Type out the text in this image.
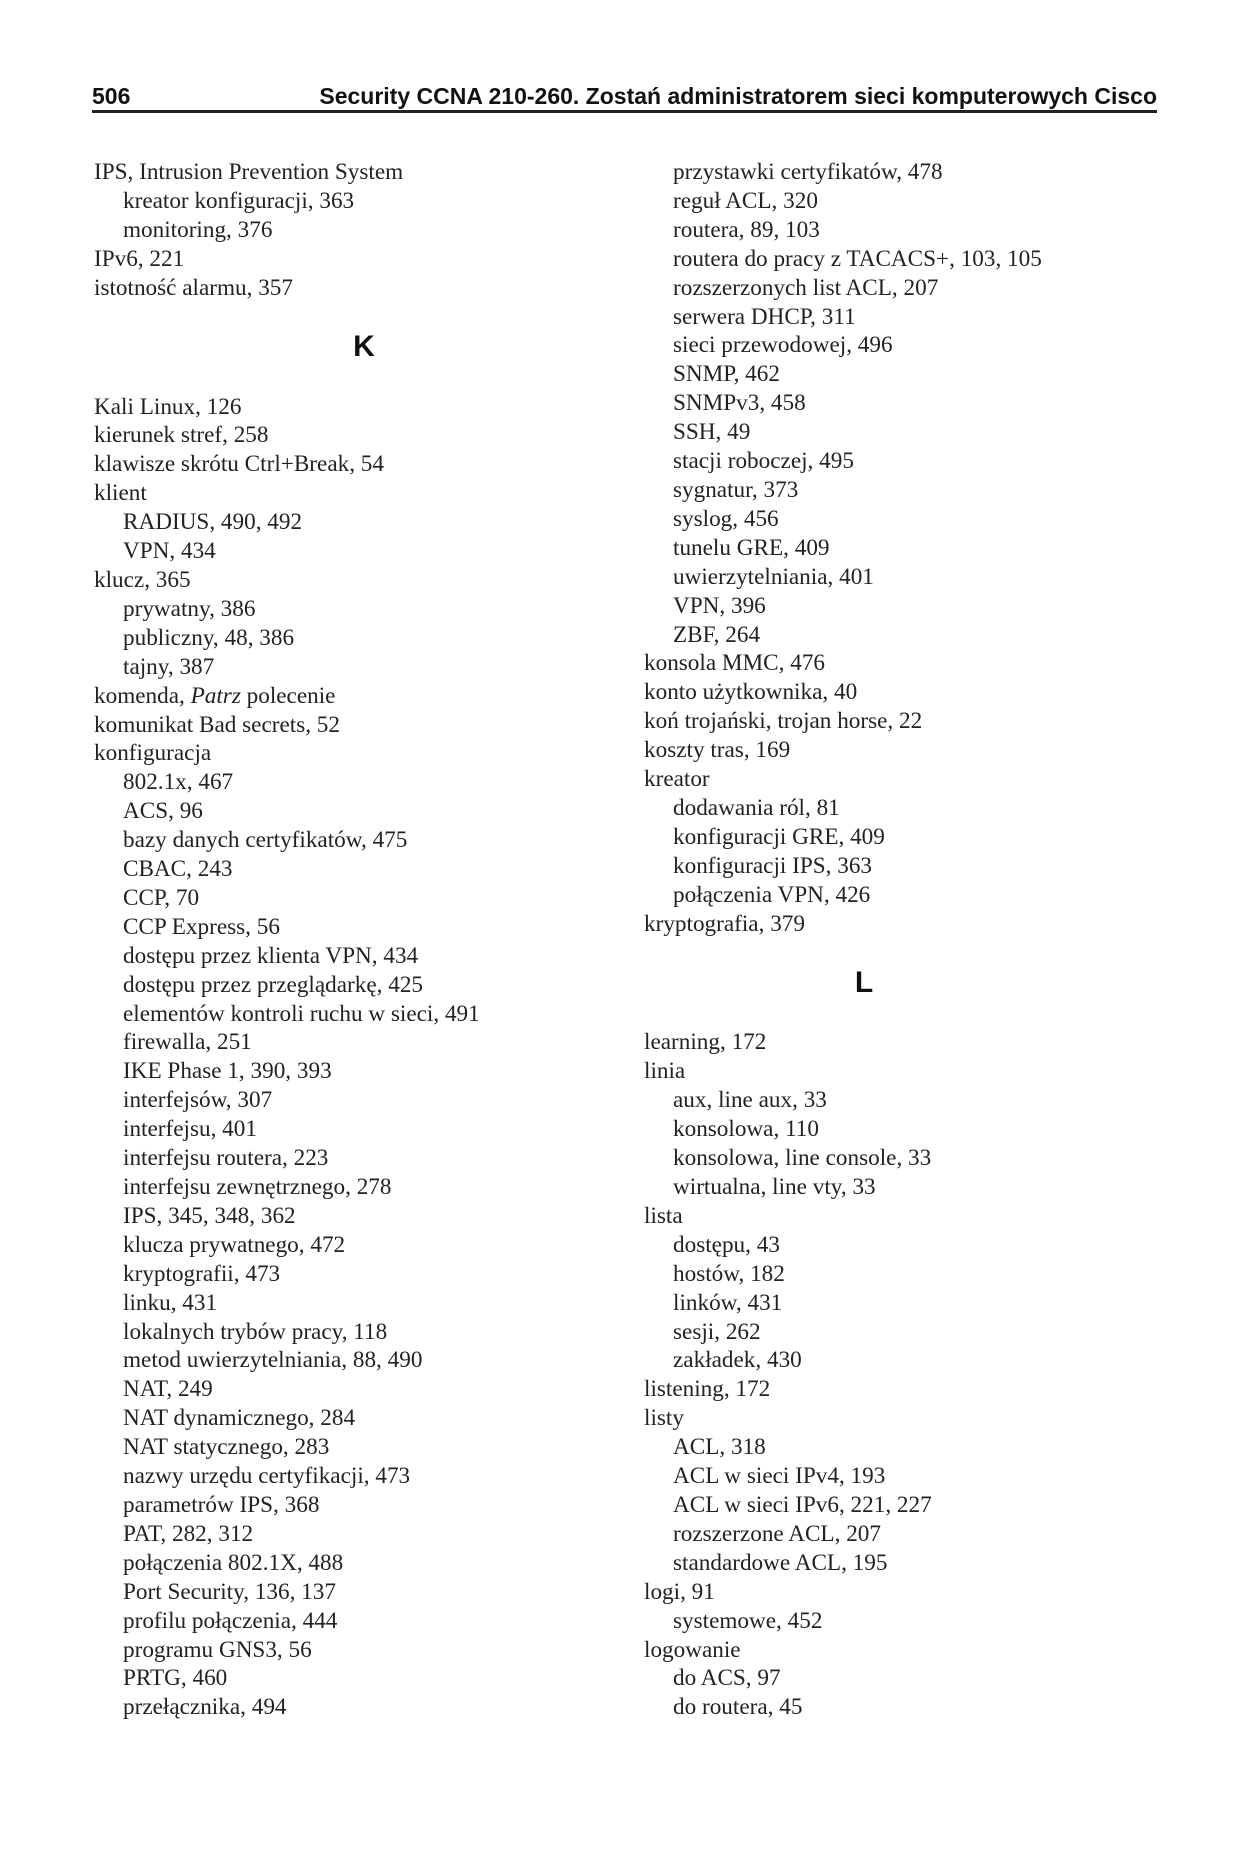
506	Security CCNA 210-260. Zostań administratorem sieci komputerowych Cisco
IPS, Intrusion Prevention System
kreator konfiguracji, 363
monitoring, 376
IPv6, 221
istotność alarmu, 357
K
Kali Linux, 126
kierunek stref, 258
klawisze skrótu Ctrl+Break, 54
klient
RADIUS, 490, 492
VPN, 434
klucz, 365
prywatny, 386
publiczny, 48, 386
tajny, 387
komenda, Patrz polecenie
komunikat Bad secrets, 52
konfiguracja
802.1x, 467
ACS, 96
bazy danych certyfikatów, 475
CBAC, 243
CCP, 70
CCP Express, 56
dostępu przez klienta VPN, 434
dostępu przez przeglądarkę, 425
elementów kontroli ruchu w sieci, 491
firewalla, 251
IKE Phase 1, 390, 393
interfejsów, 307
interfejsu, 401
interfejsu routera, 223
interfejsu zewnętrznego, 278
IPS, 345, 348, 362
klucza prywatnego, 472
kryptografii, 473
linku, 431
lokalnych trybów pracy, 118
metod uwierzytelniania, 88, 490
NAT, 249
NAT dynamicznego, 284
NAT statycznego, 283
nazwy urzędu certyfikacji, 473
parametrów IPS, 368
PAT, 282, 312
połączenia 802.1X, 488
Port Security, 136, 137
profilu połączenia, 444
programu GNS3, 56
PRTG, 460
przełącznika, 494
przystawki certyfikatów, 478
reguł ACL, 320
routera, 89, 103
routera do pracy z TACACS+, 103, 105
rozszerzonych list ACL, 207
serwera DHCP, 311
sieci przewodowej, 496
SNMP, 462
SNMPv3, 458
SSH, 49
stacji roboczej, 495
sygnatur, 373
syslog, 456
tunelu GRE, 409
uwierzytelniania, 401
VPN, 396
ZBF, 264
konsola MMC, 476
konto użytkownika, 40
koń trojański, trojan horse, 22
koszty tras, 169
kreator
dodawania ról, 81
konfiguracji GRE, 409
konfiguracji IPS, 363
połączenia VPN, 426
kryptografia, 379
L
learning, 172
linia
aux, line aux, 33
konsolowa, 110
konsolowa, line console, 33
wirtualna, line vty, 33
lista
dostępu, 43
hostów, 182
linków, 431
sesji, 262
zakładek, 430
listening, 172
listy
ACL, 318
ACL w sieci IPv4, 193
ACL w sieci IPv6, 221, 227
rozszerzone ACL, 207
standardowe ACL, 195
logi, 91
systemowe, 452
logowanie
do ACS, 97
do routera, 45
